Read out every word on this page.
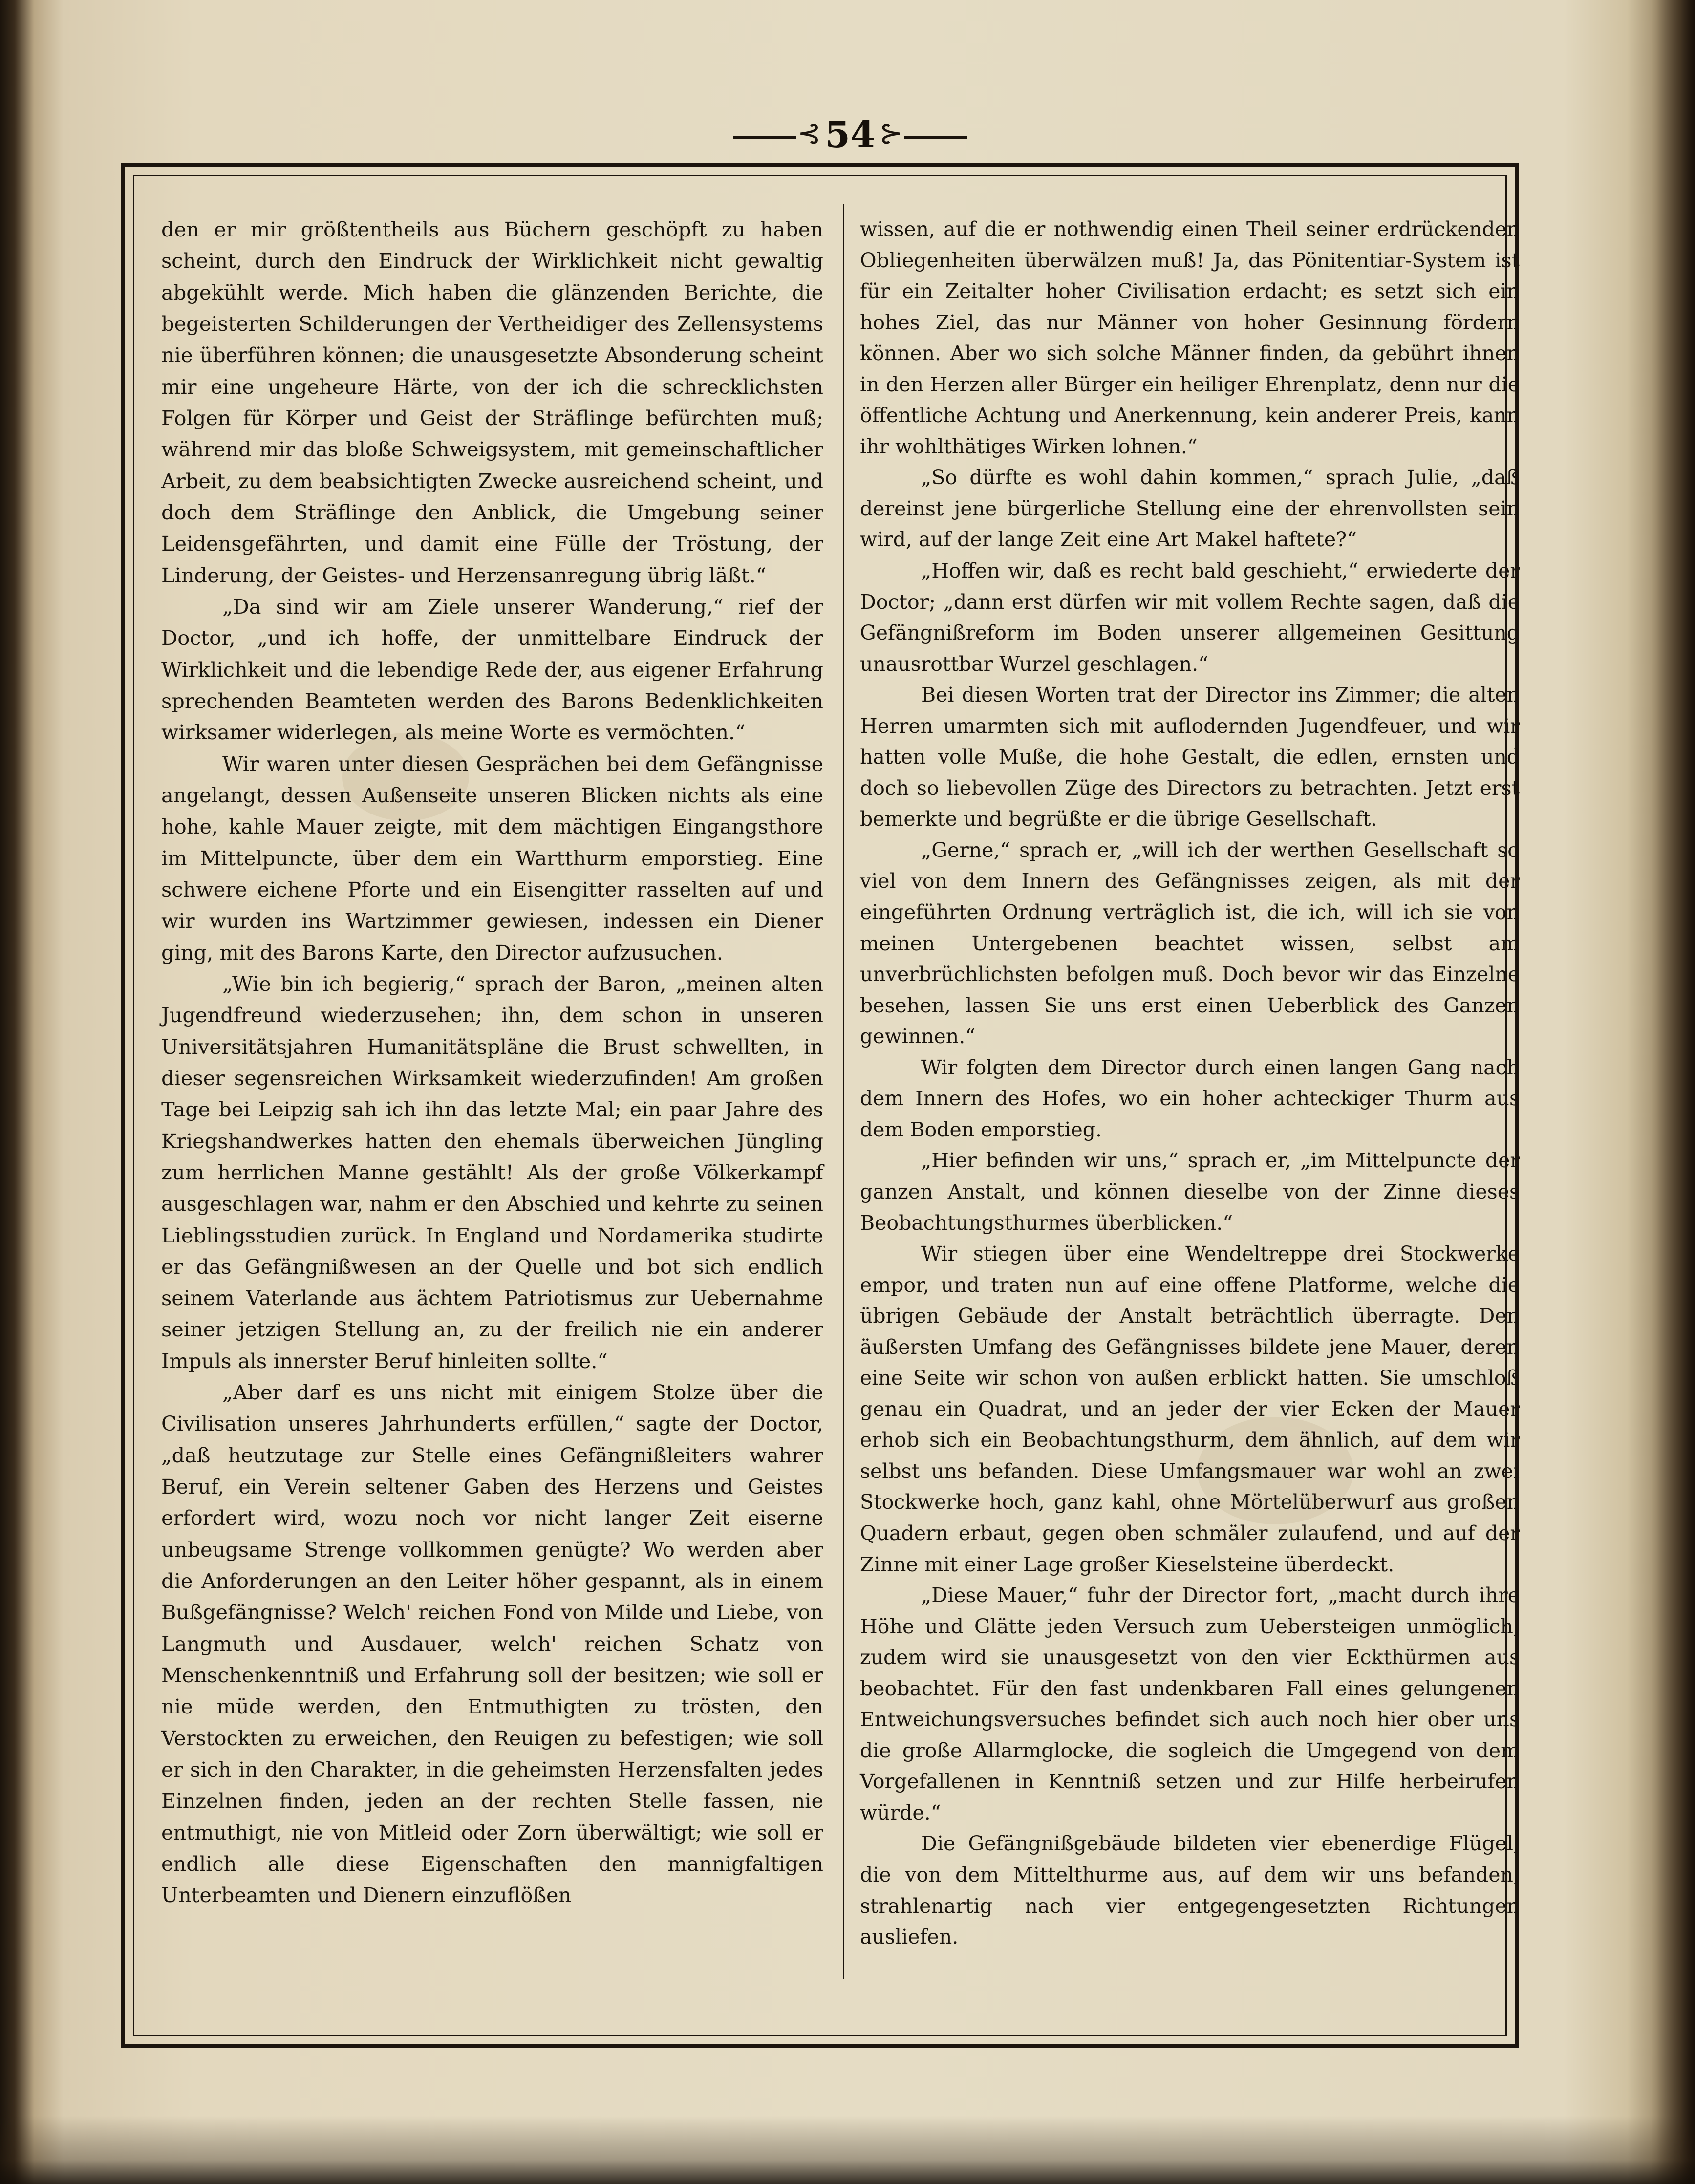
⊰ 54 ⊱

den er mir größtentheils aus Büchern geschöpft zu haben scheint, durch den Eindruck der Wirklichkeit nicht gewaltig abgekühlt werde. Mich haben die glänzenden Berichte, die begeisterten Schilderungen der Vertheidiger des Zellensystems nie überführen können; die unausgesetzte Absonderung scheint mir eine ungeheure Härte, von der ich die schrecklichsten Folgen für Körper und Geist der Sträflinge befürchten muß; während mir das bloße Schweigsystem, mit gemeinschaftlicher Arbeit, zu dem beabsichtigten Zwecke ausreichend scheint, und doch dem Sträflinge den Anblick, die Umgebung seiner Leidensgefährten, und damit eine Fülle der Tröstung, der Linderung, der Geistes- und Herzensanregung übrig läßt.“

„Da sind wir am Ziele unserer Wanderung,“ rief der Doctor, „und ich hoffe, der unmittelbare Eindruck der Wirklichkeit und die lebendige Rede der, aus eigener Erfahrung sprechenden Beamteten werden des Barons Bedenklichkeiten wirksamer widerlegen, als meine Worte es vermöchten.“

Wir waren unter diesen Gesprächen bei dem Gefängnisse angelangt, dessen Außenseite unseren Blicken nichts als eine hohe, kahle Mauer zeigte, mit dem mächtigen Eingangsthore im Mittelpuncte, über dem ein Wartthurm emporstieg. Eine schwere eichene Pforte und ein Eisengitter rasselten auf und wir wurden ins Wartzimmer gewiesen, indessen ein Diener ging, mit des Barons Karte, den Director aufzusuchen.

„Wie bin ich begierig,“ sprach der Baron, „meinen alten Jugendfreund wiederzusehen; ihn, dem schon in unseren Universitätsjahren Humanitätspläne die Brust schwellten, in dieser segensreichen Wirksamkeit wiederzufinden! Am großen Tage bei Leipzig sah ich ihn das letzte Mal; ein paar Jahre des Kriegshandwerkes hatten den ehemals überweichen Jüngling zum herrlichen Manne gestählt! Als der große Völkerkampf ausgeschlagen war, nahm er den Abschied und kehrte zu seinen Lieblingsstudien zurück. In England und Nordamerika studirte er das Gefängnißwesen an der Quelle und bot sich endlich seinem Vaterlande aus ächtem Patriotismus zur Uebernahme seiner jetzigen Stellung an, zu der freilich nie ein anderer Impuls als innerster Beruf hinleiten sollte.“

„Aber darf es uns nicht mit einigem Stolze über die Civilisation unseres Jahrhunderts erfüllen,“ sagte der Doctor, „daß heutzutage zur Stelle eines Gefängnißleiters wahrer Beruf, ein Verein seltener Gaben des Herzens und Geistes erfordert wird, wozu noch vor nicht langer Zeit eiserne unbeugsame Strenge vollkommen genügte? Wo werden aber die Anforderungen an den Leiter höher gespannt, als in einem Bußgefängnisse? Welch' reichen Fond von Milde und Liebe, von Langmuth und Ausdauer, welch' reichen Schatz von Menschenkenntniß und Erfahrung soll der besitzen; wie soll er nie müde werden, den Entmuthigten zu trösten, den Verstockten zu erweichen, den Reuigen zu befestigen; wie soll er sich in den Charakter, in die geheimsten Herzensfalten jedes Einzelnen finden, jeden an der rechten Stelle fassen, nie entmuthigt, nie von Mitleid oder Zorn überwältigt; wie soll er endlich alle diese Eigenschaften den mannigfaltigen Unterbeamten und Dienern einzuflößen

wissen, auf die er nothwendig einen Theil seiner erdrückenden Obliegenheiten überwälzen muß! Ja, das Pönitentiar-System ist für ein Zeitalter hoher Civilisation erdacht; es setzt sich ein hohes Ziel, das nur Männer von hoher Gesinnung fördern können. Aber wo sich solche Männer finden, da gebührt ihnen in den Herzen aller Bürger ein heiliger Ehrenplatz, denn nur die öffentliche Achtung und Anerkennung, kein anderer Preis, kann ihr wohlthätiges Wirken lohnen.“

„So dürfte es wohl dahin kommen,“ sprach Julie, „daß dereinst jene bürgerliche Stellung eine der ehrenvollsten sein wird, auf der lange Zeit eine Art Makel haftete?“

„Hoffen wir, daß es recht bald geschieht,“ erwiederte der Doctor; „dann erst dürfen wir mit vollem Rechte sagen, daß die Gefängnißreform im Boden unserer allgemeinen Gesittung unausrottbar Wurzel geschlagen.“

Bei diesen Worten trat der Director ins Zimmer; die alten Herren umarmten sich mit auflodernden Jugendfeuer, und wir hatten volle Muße, die hohe Gestalt, die edlen, ernsten und doch so liebevollen Züge des Directors zu betrachten. Jetzt erst bemerkte und begrüßte er die übrige Gesellschaft.

„Gerne,“ sprach er, „will ich der werthen Gesellschaft so viel von dem Innern des Gefängnisses zeigen, als mit der eingeführten Ordnung verträglich ist, die ich, will ich sie von meinen Untergebenen beachtet wissen, selbst am unverbrüchlichsten befolgen muß. Doch bevor wir das Einzelne besehen, lassen Sie uns erst einen Ueberblick des Ganzen gewinnen.“

Wir folgten dem Director durch einen langen Gang nach dem Innern des Hofes, wo ein hoher achteckiger Thurm aus dem Boden emporstieg.

„Hier befinden wir uns,“ sprach er, „im Mittelpuncte der ganzen Anstalt, und können dieselbe von der Zinne dieses Beobachtungsthurmes überblicken.“

Wir stiegen über eine Wendeltreppe drei Stockwerke empor, und traten nun auf eine offene Platforme, welche die übrigen Gebäude der Anstalt beträchtlich überragte. Den äußersten Umfang des Gefängnisses bildete jene Mauer, deren eine Seite wir schon von außen erblickt hatten. Sie umschloß genau ein Quadrat, und an jeder der vier Ecken der Mauer erhob sich ein Beobachtungsthurm, dem ähnlich, auf dem wir selbst uns befanden. Diese Umfangsmauer war wohl an zwei Stockwerke hoch, ganz kahl, ohne Mörtelüberwurf aus großen Quadern erbaut, gegen oben schmäler zulaufend, und auf der Zinne mit einer Lage großer Kieselsteine überdeckt.

„Diese Mauer,“ fuhr der Director fort, „macht durch ihre Höhe und Glätte jeden Versuch zum Uebersteigen unmöglich, zudem wird sie unausgesetzt von den vier Eckthürmen aus beobachtet. Für den fast undenkbaren Fall eines gelungenen Entweichungsversuches befindet sich auch noch hier ober uns die große Allarmglocke, die sogleich die Umgegend von dem Vorgefallenen in Kenntniß setzen und zur Hilfe herbeirufen würde.“

Die Gefängnißgebäude bildeten vier ebenerdige Flügel, die von dem Mittelthurme aus, auf dem wir uns befanden, strahlenartig nach vier entgegengesetzten Richtungen ausliefen.
